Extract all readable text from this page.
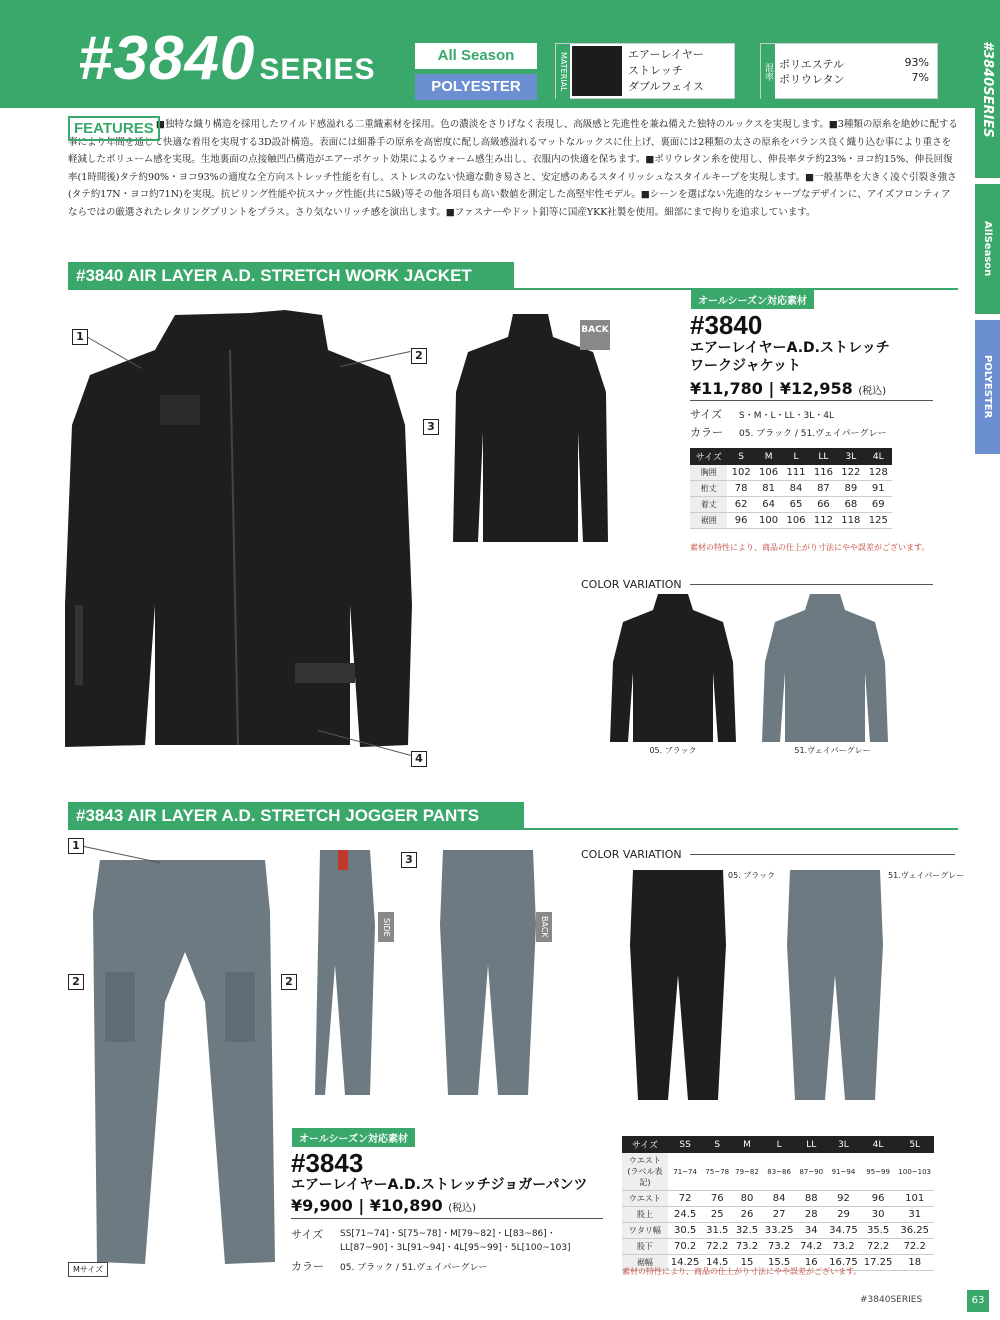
#3840 SERIES	All Season
POLYESTER	MATERIAL	エアーレイヤー
ストレッチ
ダブルフェイス
混率 ポリエステル	93%
ポリウレタン	7%	#3840SERIES
AllSeason
POLYESTER
■独特な織り構造を採用したワイルド感溢れる二重織素材を採用。色の濃淡をさりげなく表現し、高級感と先進性を兼ね備えた独特のルックスを実現します。■3種類の原糸を絶妙に配する事により年間を通じて快適な着用を実現する3D設計構造。表面には細番手の原糸を高密度に配し高級感溢れるマットなルックスに仕上げ、裏面には2種類の太さの原糸をバランス良く織り込む事により重さを軽減したボリューム感を実現。生地裏面の点接触凹凸構造がエアーポケット効果によるウォーム感生み出し、衣服内の快適を保ちます。■ポリウレタン糸を使用し、伸長率タテ約23%・ヨコ約15%、伸長回復率(1時間後)タテ約90%・ヨコ93%の適度な全方向ストレッチ性能を有し、ストレスのない快適な動き易さと、安定感のあるスタイリッシュなスタイルキープを実現します。■一般基準を大きく凌ぐ引裂き強さ(タテ約17N・ヨコ約71N)を実現。抗ピリング性能や抗スナッグ性能(共に5級)等その他各項目も高い数値を測定した高堅牢性モデル。■シーンを選ばない先進的なシャープなデザインに、アイズフロンティアならではの厳選されたレタリングプリントをプラス。さり気ないリッチ感を演出します。■ファスナーやドット釦等に国産YKK社製を使用。細部にまで拘りを追求しています。
FEATURES
#3840 AIR LAYER A.D. STRETCH WORK JACKET
1
2
3
4
BACK
オールシーズン対応素材
#3840
エアーレイヤーA.D.ストレッチ
ワークジャケット
¥11,780 | ¥12,958 (税込)
サイズ S・M・L・LL・3L・4L
カラー 05. ブラック / 51.ヴェイパーグレー
サイズ	S	M	L	LL	3L	4L
胸囲	102	106	111	116	122	128
桁丈	78	81	84	87	89	91
着丈	62	64	65	66	68	69
裾囲	96	100	106	112	118	125
素材の特性により、商品の仕上がり寸法にやや誤差がございます。
COLOR VARIATION
05. ブラック	51.ヴェイパーグレー
#3843 AIR LAYER A.D. STRETCH JOGGER PANTS
1
2	2
Mサイズ
SIDE
3
BACK
COLOR VARIATION
05. ブラック	51.ヴェイパーグレー
オールシーズン対応素材
#3843
エアーレイヤーA.D.ストレッチジョガーパンツ
¥9,900 | ¥10,890 (税込)
サイズ SS[71~74]・S[75~78]・M[79~82]・L[83~86]・LL[87~90]・3L[91~94]・4L[95~99]・5L[100~103]
カラー 05. ブラック / 51.ヴェイパーグレー
サイズ	SS	S	M	L	LL	3L	4L	5L
ウエスト(ラベル表記)	71~74	75~78	79~82	83~86	87~90	91~94	95~99	100~103
ウエスト	72	76	80	84	88	92	96	101
股上	24.5	25	26	27	28	29	30	31
ワタリ幅	30.5	31.5	32.5	33.25	34	34.75	35.5	36.25
股下	70.2	72.2	73.2	73.2	74.2	73.2	72.2	72.2
裾幅	14.25	14.5	15	15.5	16	16.75	17.25	18
素材の特性により、商品の仕上がり寸法にやや誤差がございます。
#3840SERIES	63
